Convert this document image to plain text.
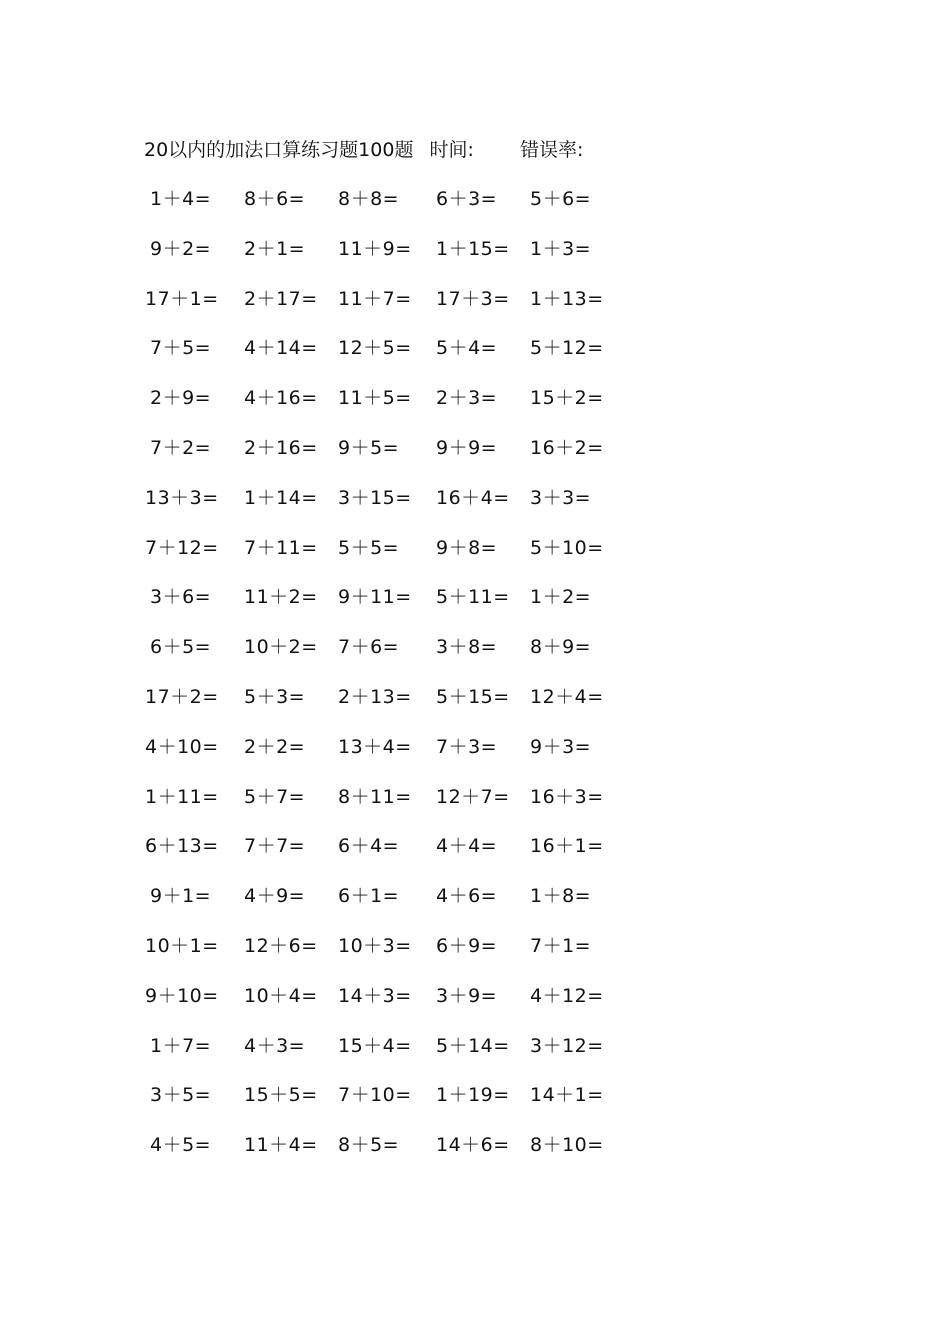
20以内的加法口算练习题100题 时间: 错误率:
1＋4= 8＋6= 8＋8= 6＋3= 5＋6=
9＋2= 2＋1= 11＋9= 1＋15= 1＋3=
17＋1= 2＋17= 11＋7= 17＋3= 1＋13=
7＋5= 4＋14= 12＋5= 5＋4= 5＋12=
2＋9= 4＋16= 11＋5= 2＋3= 15＋2=
7＋2= 2＋16= 9＋5= 9＋9= 16＋2=
13＋3= 1＋14= 3＋15= 16＋4= 3＋3=
7＋12= 7＋11= 5＋5= 9＋8= 5＋10=
3＋6= 11＋2= 9＋11= 5＋11= 1＋2=
6＋5= 10＋2= 7＋6= 3＋8= 8＋9=
17＋2= 5＋3= 2＋13= 5＋15= 12＋4=
4＋10= 2＋2= 13＋4= 7＋3= 9＋3=
1＋11= 5＋7= 8＋11= 12＋7= 16＋3=
6＋13= 7＋7= 6＋4= 4＋4= 16＋1=
9＋1= 4＋9= 6＋1= 4＋6= 1＋8=
10＋1= 12＋6= 10＋3= 6＋9= 7＋1=
9＋10= 10＋4= 14＋3= 3＋9= 4＋12=
1＋7= 4＋3= 15＋4= 5＋14= 3＋12=
3＋5= 15＋5= 7＋10= 1＋19= 14＋1=
4＋5= 11＋4= 8＋5= 14＋6= 8＋10=
